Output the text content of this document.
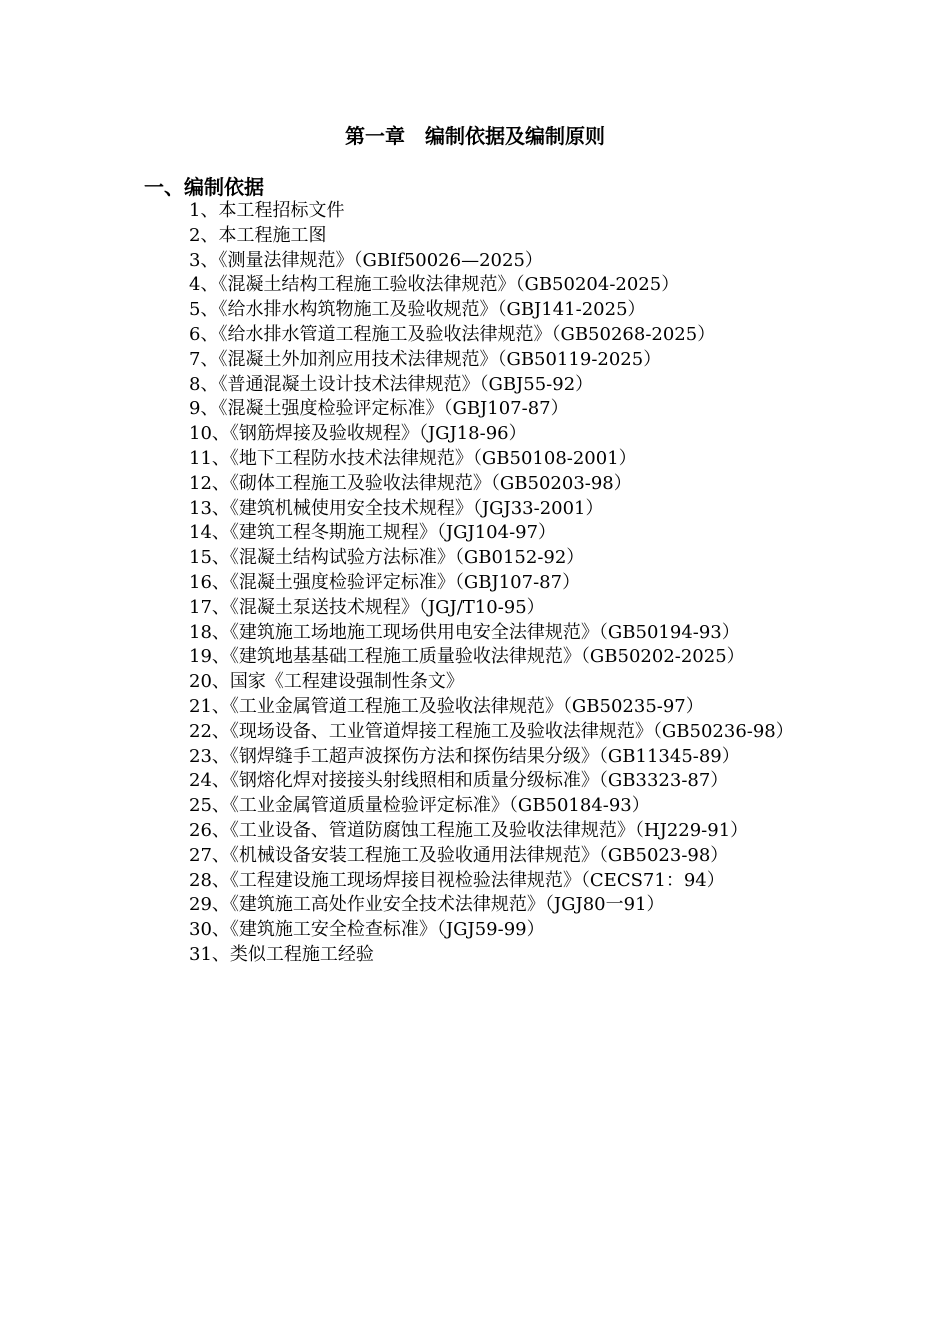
第一章　编制依据及编制原则
一、编制依据

1、本工程招标文件

2、本工程施工图

3、《测量法律规范》（GBIf50026—2025）

4、《混凝土结构工程施工验收法律规范》（GB50204-2025）

5、《给水排水构筑物施工及验收规范》（GBJ141-2025）

6、《给水排水管道工程施工及验收法律规范》（GB50268-2025）

7、《混凝土外加剂应用技术法律规范》（GB50119-2025）

8、《普通混凝土设计技术法律规范》（GBJ55-92）

9、《混凝土强度检验评定标准》（GBJ107-87）

10、《钢筋焊接及验收规程》（JGJ18-96）

11、《地下工程防水技术法律规范》（GB50108-2001）

12、《砌体工程施工及验收法律规范》（GB50203-98）

13、《建筑机械使用安全技术规程》（JGJ33-2001）

14、《建筑工程冬期施工规程》（JGJ104-97）

15、《混凝土结构试验方法标准》（GB0152-92）

16、《混凝土强度检验评定标准》（GBJ107-87）

17、《混凝土泵送技术规程》（JGJ/T10-95）

18、《建筑施工场地施工现场供用电安全法律规范》（GB50194-93）

19、《建筑地基基础工程施工质量验收法律规范》（GB50202-2025）

20、国家《工程建设强制性条文》

21、《工业金属管道工程施工及验收法律规范》（GB50235-97）

22、《现场设备、工业管道焊接工程施工及验收法律规范》（GB50236-98）

23、《钢焊缝手工超声波探伤方法和探伤结果分级》（GB11345-89）

24、《钢熔化焊对接接头射线照相和质量分级标准》（GB3323-87）

25、《工业金属管道质量检验评定标准》（GB50184-93）

26、《工业设备、管道防腐蚀工程施工及验收法律规范》（HJ229-91）

27、《机械设备安装工程施工及验收通用法律规范》（GB5023-98）

28、《工程建设施工现场焊接目视检验法律规范》（CECS71：94）

29、《建筑施工高处作业安全技术法律规范》（JGJ80一91）

30、《建筑施工安全检查标准》（JGJ59-99）

31、类似工程施工经验
